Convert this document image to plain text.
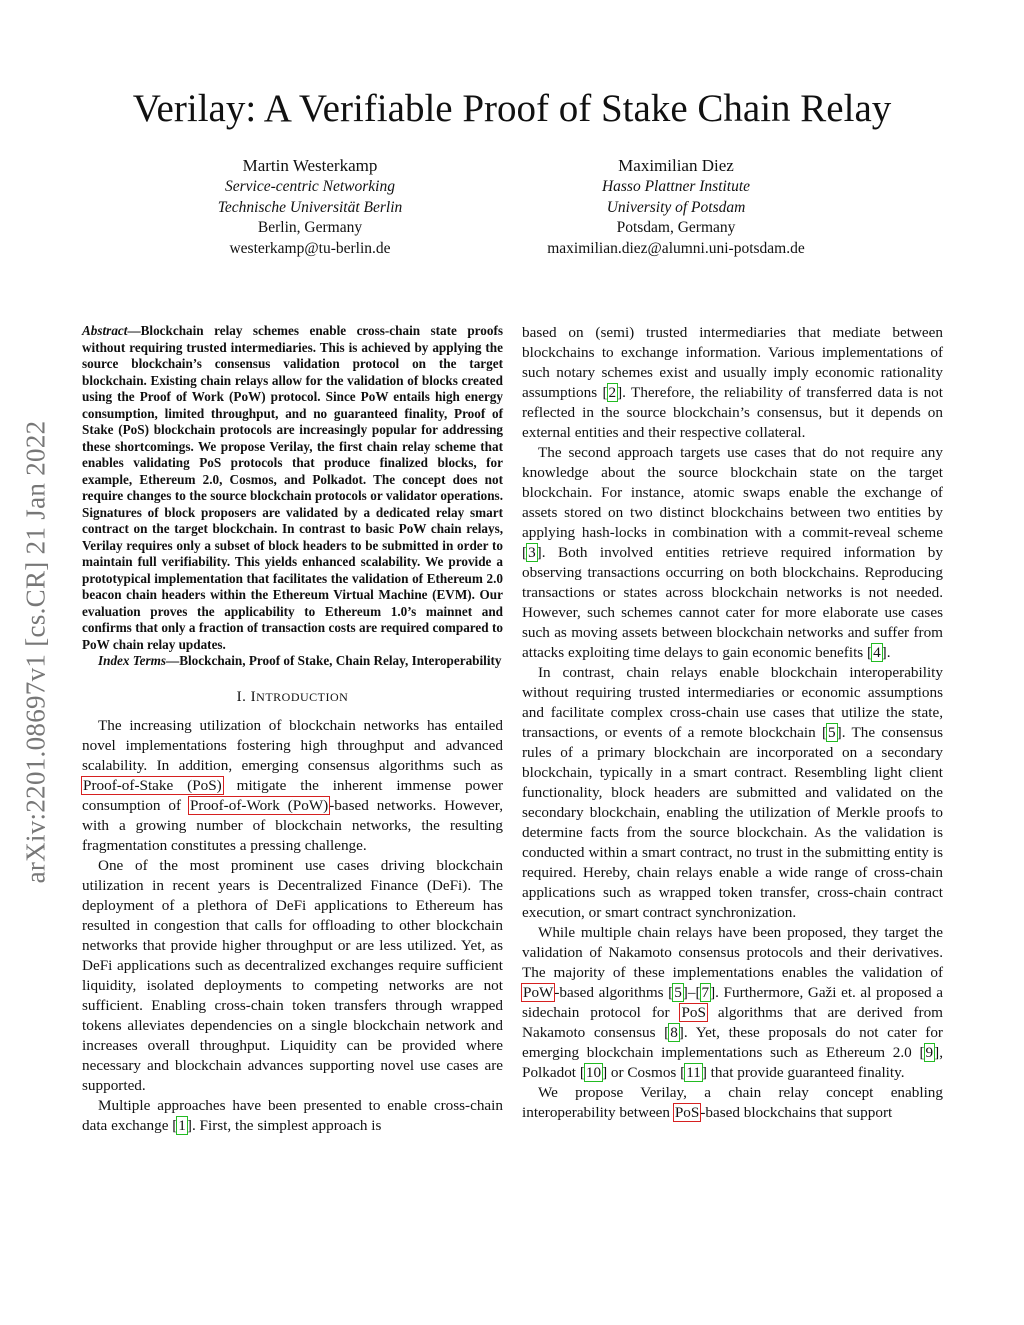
arXiv:2201.08697v1 [cs.CR] 21 Jan 2022
Verilay: A Verifiable Proof of Stake Chain Relay
Martin Westerkamp
Service-centric Networking
Technische Universität Berlin
Berlin, Germany
westerkamp@tu-berlin.de
Maximilian Diez
Hasso Plattner Institute
University of Potsdam
Potsdam, Germany
maximilian.diez@alumni.uni-potsdam.de

Abstract—Blockchain relay schemes enable cross-chain state proofs without requiring trusted intermediaries. This is achieved by applying the source blockchain’s consensus validation protocol on the target blockchain. Existing chain relays allow for the validation of blocks created using the Proof of Work (PoW) protocol. Since PoW entails high energy consumption, limited throughput, and no guaranteed finality, Proof of Stake (PoS) blockchain protocols are increasingly popular for addressing these shortcomings. We propose Verilay, the first chain relay scheme that enables validating PoS protocols that produce finalized blocks, for example, Ethereum 2.0, Cosmos, and Polkadot. The concept does not require changes to the source blockchain protocols or validator operations. Signatures of block proposers are validated by a dedicated relay smart contract on the target blockchain. In contrast to basic PoW chain relays, Verilay requires only a subset of block headers to be submitted in order to maintain full verifiability. This yields enhanced scalability. We provide a prototypical implementation that facilitates the validation of Ethereum 2.0 beacon chain headers within the Ethereum Virtual Machine (EVM). Our evaluation proves the applicability to Ethereum 1.0’s mainnet and confirms that only a fraction of transaction costs are required compared to PoW chain relay updates.

Index Terms—Blockchain, Proof of Stake, Chain Relay, Interoperability

I. INTRODUCTION

The increasing utilization of blockchain networks has entailed novel implementations fostering high throughput and advanced scalability. In addition, emerging consensus algorithms such as Proof-of-Stake (PoS) mitigate the inherent immense power consumption of Proof-of-Work (PoW)-based networks. However, with a growing number of blockchain networks, the resulting fragmentation constitutes a pressing challenge.

One of the most prominent use cases driving blockchain utilization in recent years is Decentralized Finance (DeFi). The deployment of a plethora of DeFi applications to Ethereum has resulted in congestion that calls for offloading to other blockchain networks that provide higher throughput or are less utilized. Yet, as DeFi applications such as decentralized exchanges require sufficient liquidity, isolated deployments to competing networks are not sufficient. Enabling cross-chain token transfers through wrapped tokens alleviates dependencies on a single blockchain network and increases overall throughput. Liquidity can be provided where necessary and blockchain advances supporting novel use cases are supported.

Multiple approaches have been presented to enable cross-chain data exchange [1]. First, the simplest approach is

based on (semi) trusted intermediaries that mediate between blockchains to exchange information. Various implementations of such notary schemes exist and usually imply economic rationality assumptions [2]. Therefore, the reliability of transferred data is not reflected in the source blockchain’s consensus, but it depends on external entities and their respective collateral.

The second approach targets use cases that do not require any knowledge about the source blockchain state on the target blockchain. For instance, atomic swaps enable the exchange of assets stored on two distinct blockchains between two entities by applying hash-locks in combination with a commit-reveal scheme [3]. Both involved entities retrieve required information by observing transactions occurring on both blockchains. Reproducing transactions or states across blockchain networks is not needed. However, such schemes cannot cater for more elaborate use cases such as moving assets between blockchain networks and suffer from attacks exploiting time delays to gain economic benefits [4].

In contrast, chain relays enable blockchain interoperability without requiring trusted intermediaries or economic assumptions and facilitate complex cross-chain use cases that utilize the state, transactions, or events of a remote blockchain [5]. The consensus rules of a primary blockchain are incorporated on a secondary blockchain, typically in a smart contract. Resembling light client functionality, block headers are submitted and validated on the secondary blockchain, enabling the utilization of Merkle proofs to determine facts from the source blockchain. As the validation is conducted within a smart contract, no trust in the submitting entity is required. Hereby, chain relays enable a wide range of cross-chain applications such as wrapped token transfer, cross-chain contract execution, or smart contract synchronization.

While multiple chain relays have been proposed, they target the validation of Nakamoto consensus protocols and their derivatives. The majority of these implementations enables the validation of PoW-based algorithms [5]–[7]. Furthermore, Gaži et. al proposed a sidechain protocol for PoS algorithms that are derived from Nakamoto consensus [8]. Yet, these proposals do not cater for emerging blockchain implementations such as Ethereum 2.0 [9], Polkadot [10] or Cosmos [11] that provide guaranteed finality.

We propose Verilay, a chain relay concept enabling interoperability between PoS-based blockchains that support
